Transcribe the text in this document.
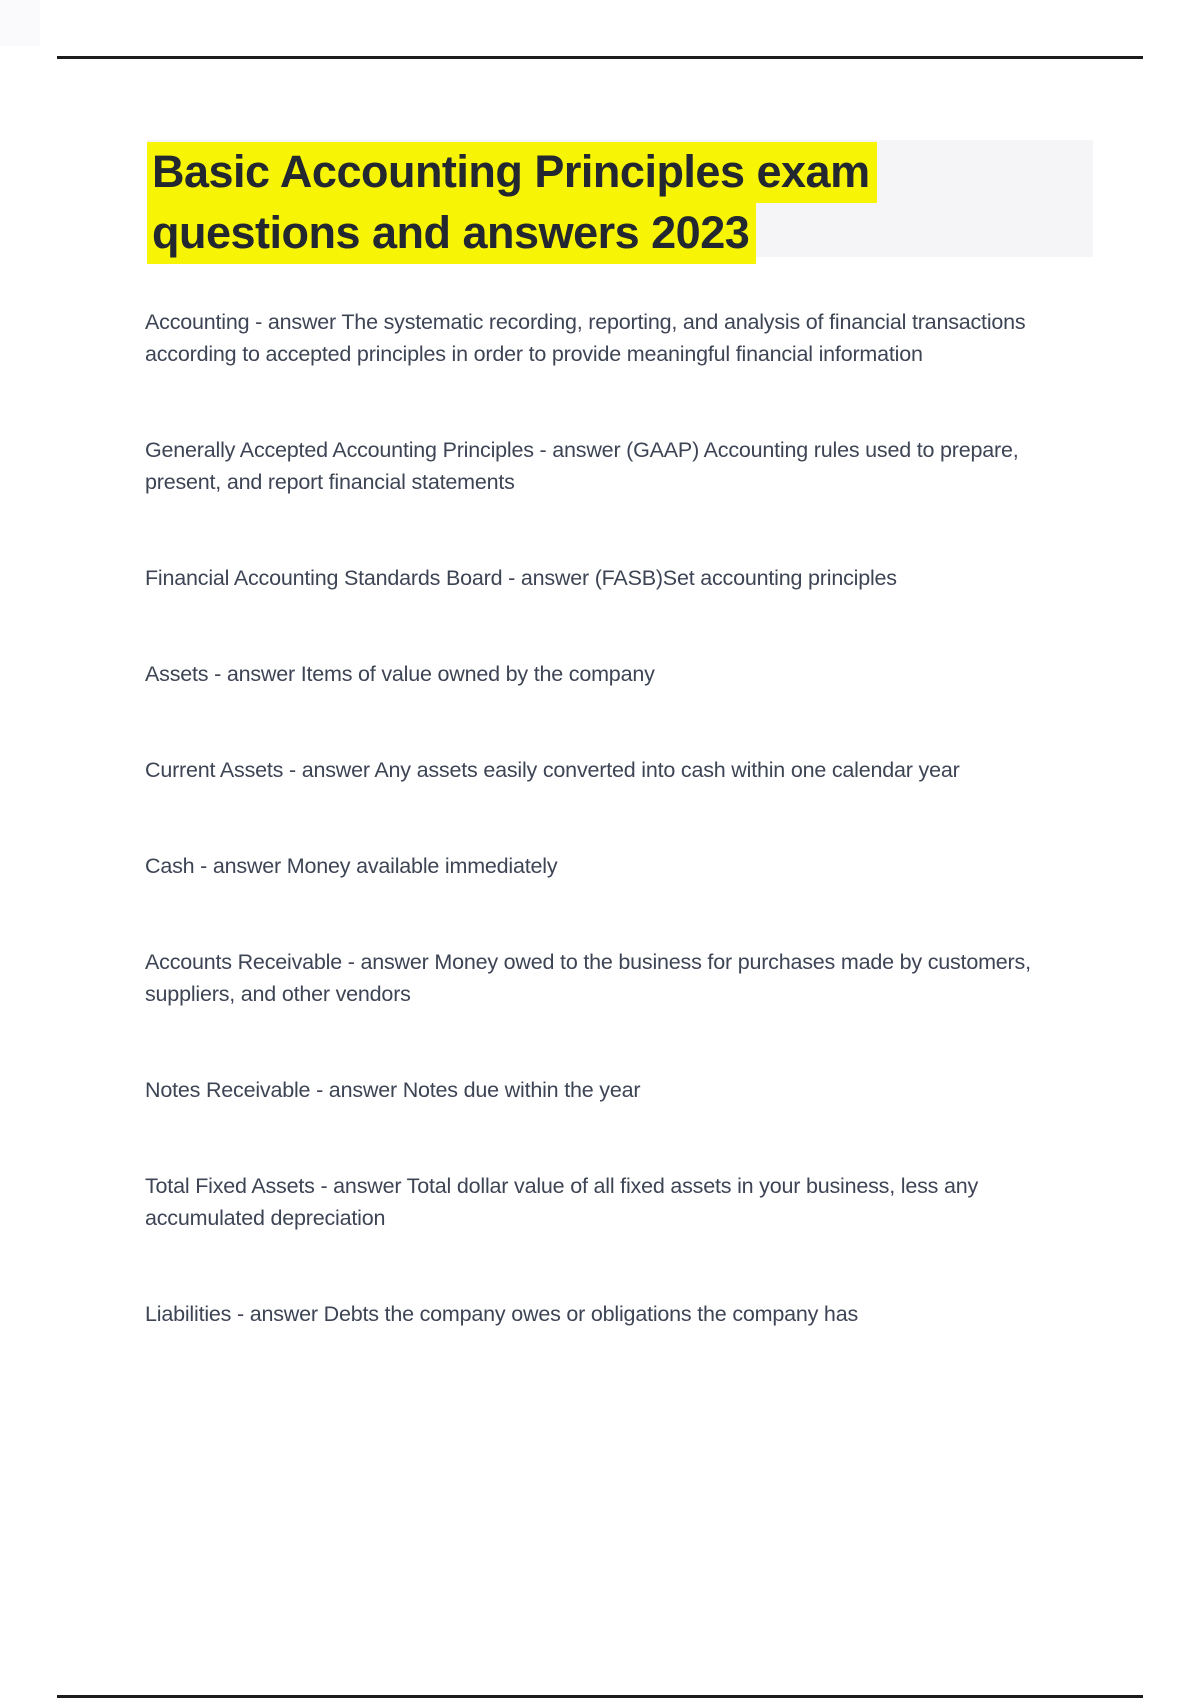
Basic Accounting Principles exam
questions and answers 2023

Accounting - answer The systematic recording, reporting, and analysis of financial transactions
according to accepted principles in order to provide meaningful financial information

Generally Accepted Accounting Principles - answer (GAAP) Accounting rules used to prepare,
present, and report financial statements

Financial Accounting Standards Board - answer (FASB)Set accounting principles

Assets - answer Items of value owned by the company

Current Assets - answer Any assets easily converted into cash within one calendar year

Cash - answer Money available immediately

Accounts Receivable - answer Money owed to the business for purchases made by customers,
suppliers, and other vendors

Notes Receivable - answer Notes due within the year

Total Fixed Assets - answer Total dollar value of all fixed assets in your business, less any
accumulated depreciation

Liabilities - answer Debts the company owes or obligations the company has
